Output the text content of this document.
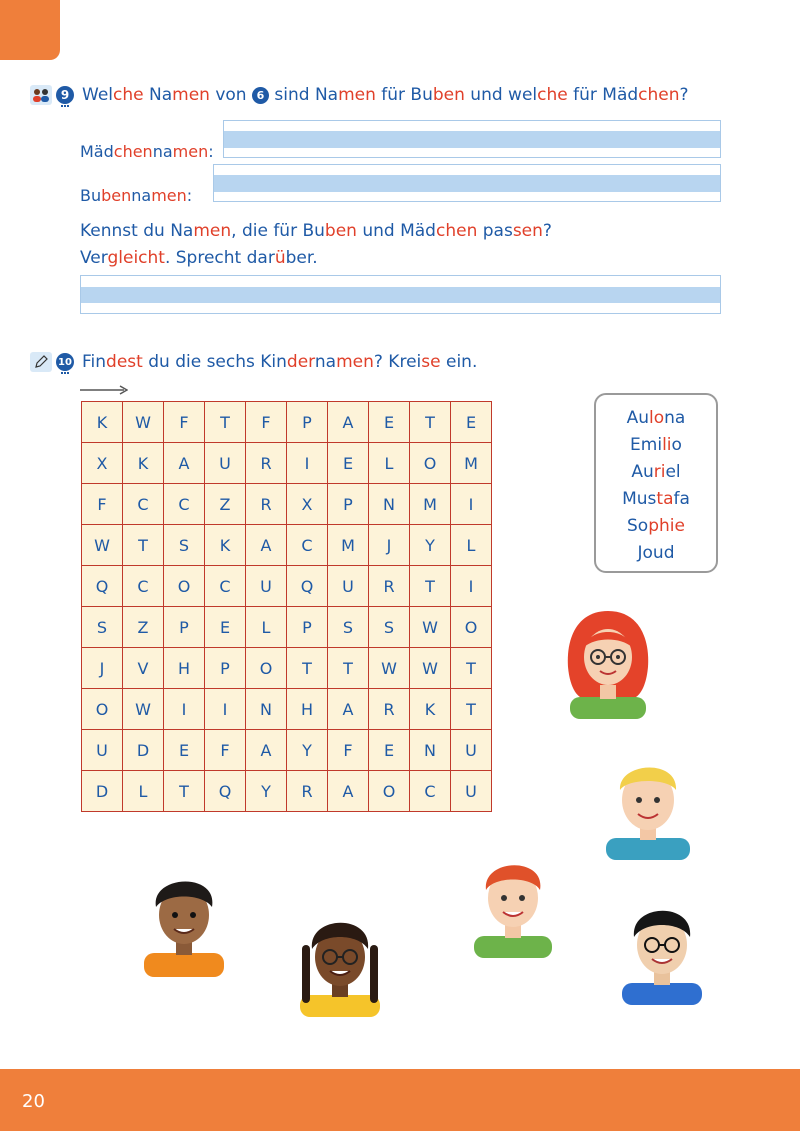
9 Welche Namen von 6 sind Namen für Buben und welche für Mädchen?
Mädchennamen:
Bubennamen:
Kennst du Namen, die für Buben und Mädchen passen?
Vergleicht. Sprecht darüber.
10 Findest du die sechs Kindernamen? Kreise ein.
K	W	F	T	F	P	A	E	T	E
X	K	A	U	R	I	E	L	O	M
F	C	C	Z	R	X	P	N	M	I
W	T	S	K	A	C	M	J	Y	L
Q	C	O	C	U	Q	U	R	T	I
S	Z	P	E	L	P	S	S	W	O
J	V	H	P	O	T	T	W	W	T
O	W	I	I	N	H	A	R	K	T
U	D	E	F	A	Y	F	E	N	U
D	L	T	Q	Y	R	A	O	C	U
Aulona
Emilio
Auriel
Mustafa
Sophie
Joud
20
